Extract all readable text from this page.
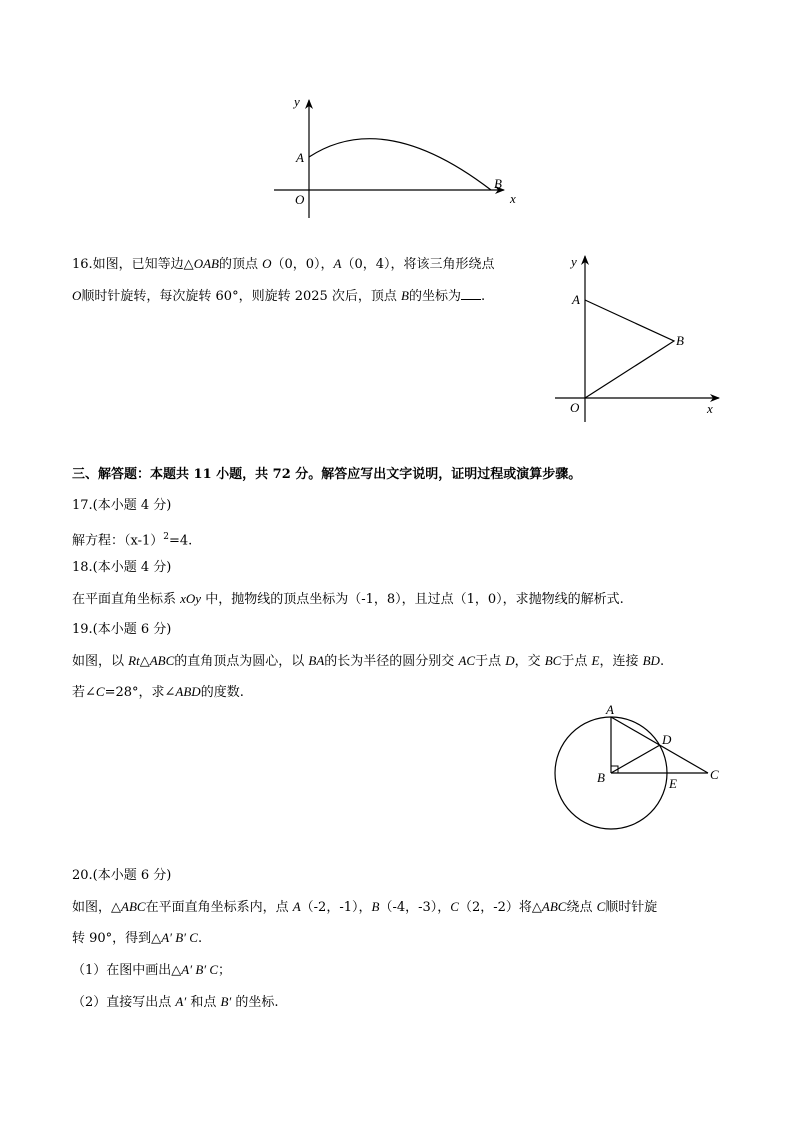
y
x
A
B
O
16.如图，已知等边△OAB的顶点 O（0，0），A（0，4），将该三角形绕点
O顺时针旋转，每次旋转 60°，则旋转 2025 次后，顶点 B的坐标为 .
y
x
A
B
O
三、解答题：本题共 11 小题，共 72 分。解答应写出文字说明，证明过程或演算步骤。
17.(本小题 4 分)
解方程：$(x-1)^2=4$.
18.(本小题 4 分)
在平面直角坐标系 xOy 中，抛物线的顶点坐标为（-1，8），且过点（1，0），求抛物线的解析式.
19.(本小题 6 分)
如图，以 Rt△ABC的直角顶点为圆心，以 BA的长为半径的圆分别交 AC于点 D，交 BC于点 E，连接 BD.
若∠C=28°，求∠ABD的度数.
A
B	C
D
E
20.(本小题 6 分)
如图，△ABC在平面直角坐标系内，点 A（-2，-1），B（-4，-3），C（2，-2）将△ABC绕点 C顺时针旋
转 90°，得到△A′ B′ C.
（1）在图中画出△A′ B′ C；
（2）直接写出点 A′ 和点 B′ 的坐标.
